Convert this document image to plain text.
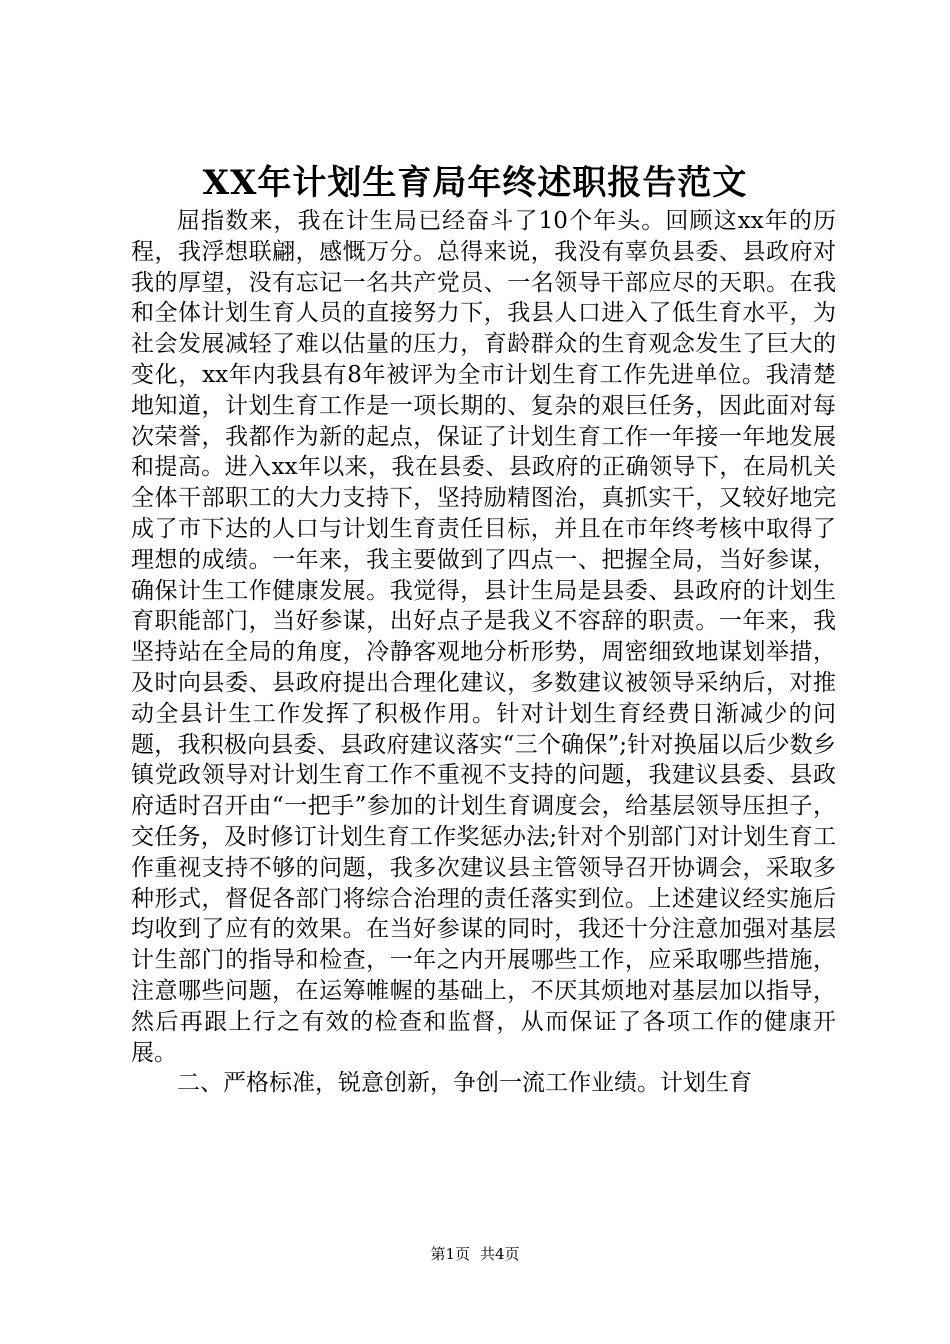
XX年计划生育局年终述职报告范文

屈指数来，我在计生局已经奋斗了10个年头。回顾这xx年的历程，我浮想联翩，感慨万分。总得来说，我没有辜负县委、县政府对我的厚望，没有忘记一名共产党员、一名领导干部应尽的天职。在我和全体计划生育人员的直接努力下，我县人口进入了低生育水平，为社会发展减轻了难以估量的压力，育龄群众的生育观念发生了巨大的变化，xx年内我县有8年被评为全市计划生育工作先进单位。我清楚地知道，计划生育工作是一项长期的、复杂的艰巨任务，因此面对每次荣誉，我都作为新的起点，保证了计划生育工作一年接一年地发展和提高。进入xx年以来，我在县委、县政府的正确领导下，在局机关全体干部职工的大力支持下，坚持励精图治，真抓实干，又较好地完成了市下达的人口与计划生育责任目标，并且在市年终考核中取得了理想的成绩。一年来，我主要做到了四点一、把握全局，当好参谋，确保计生工作健康发展。我觉得，县计生局是县委、县政府的计划生育职能部门，当好参谋，出好点子是我义不容辞的职责。一年来，我坚持站在全局的角度，冷静客观地分析形势，周密细致地谋划举措，及时向县委、县政府提出合理化建议，多数建议被领导采纳后，对推动全县计生工作发挥了积极作用。针对计划生育经费日渐减少的问题，我积极向县委、县政府建议落实“三个确保”;针对换届以后少数乡镇党政领导对计划生育工作不重视不支持的问题，我建议县委、县政府适时召开由“一把手”参加的计划生育调度会，给基层领导压担子，交任务，及时修订计划生育工作奖惩办法;针对个别部门对计划生育工作重视支持不够的问题，我多次建议县主管领导召开协调会，采取多种形式，督促各部门将综合治理的责任落实到位。上述建议经实施后均收到了应有的效果。在当好参谋的同时，我还十分注意加强对基层计生部门的指导和检查，一年之内开展哪些工作，应采取哪些措施，注意哪些问题，在运筹帷幄的基础上，不厌其烦地对基层加以指导，然后再跟上行之有效的检查和监督，从而保证了各项工作的健康开展。

二、严格标准，锐意创新，争创一流工作业绩。计划生育

第1页 共4页
